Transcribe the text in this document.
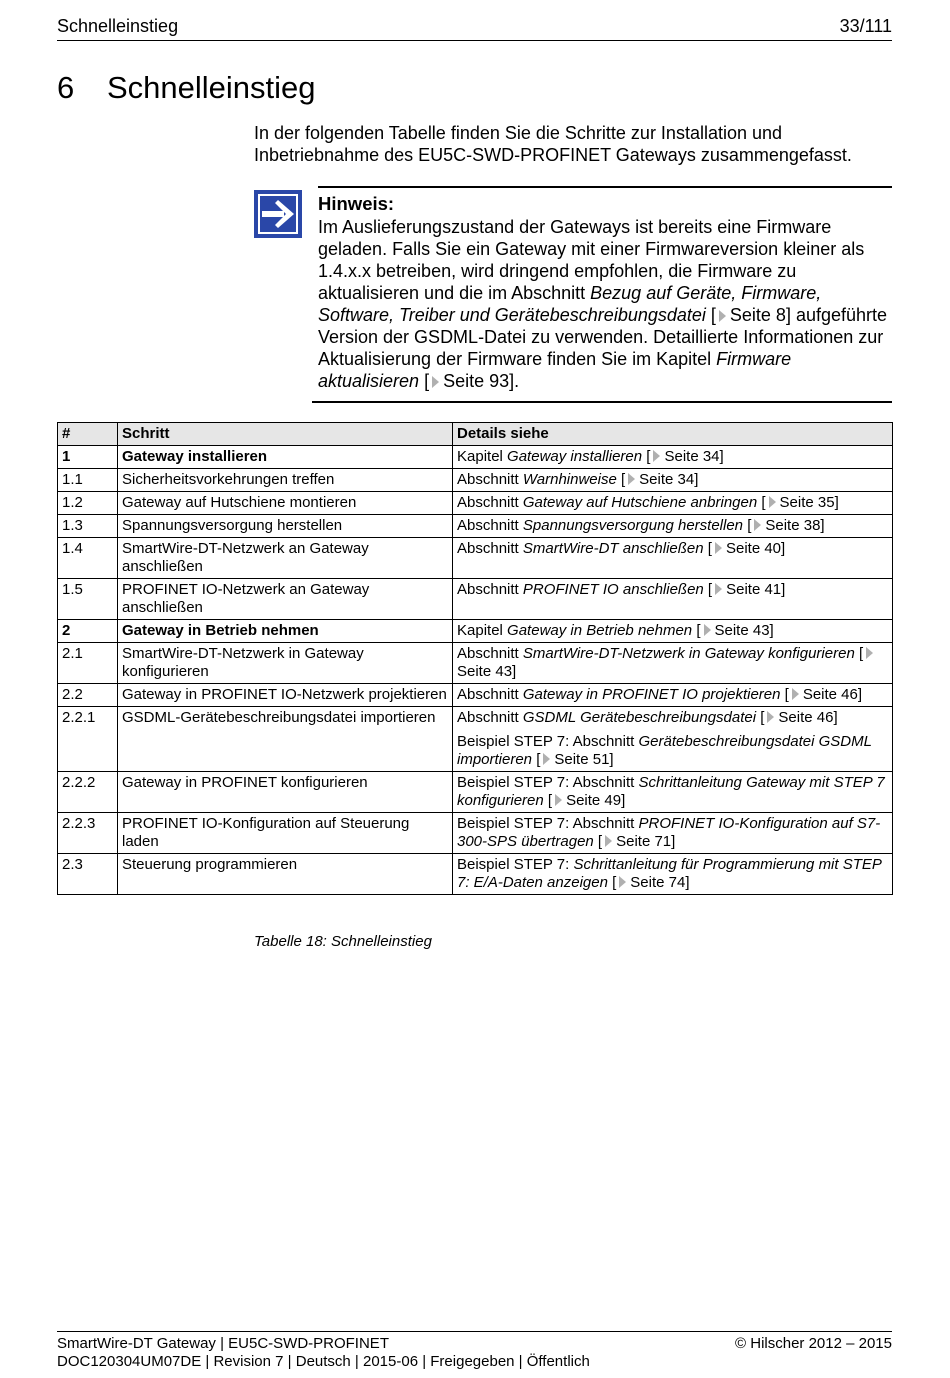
Schnelleinstieg	33/111
6 Schnelleinstieg
In der folgenden Tabelle finden Sie die Schritte zur Installation und Inbetriebnahme des EU5C-SWD-PROFINET Gateways zusammengefasst.
Hinweis:
Im Auslieferungszustand der Gateways ist bereits eine Firmware geladen. Falls Sie ein Gateway mit einer Firmwareversion kleiner als 1.4.x.x betreiben, wird dringend empfohlen, die Firmware zu aktualisieren und die im Abschnitt Bezug auf Geräte, Firmware, Software, Treiber und Gerätebeschreibungsdatei [ Seite 8] aufgeführte Version der GSDML-Datei zu verwenden. Detaillierte Informationen zur Aktualisierung der Firmware finden Sie im Kapitel Firmware aktualisieren [ Seite 93].
#	Schritt	Details siehe
1	Gateway installieren	Kapitel Gateway installieren [ Seite 34]

1.1	Sicherheitsvorkehrungen treffen	Abschnitt Warnhinweise [ Seite 34]

1.2	Gateway auf Hutschiene montieren	Abschnitt Gateway auf Hutschiene anbringen [ Seite 35]

1.3	Spannungsversorgung herstellen	Abschnitt Spannungsversorgung herstellen [ Seite 38]

1.4	SmartWire-DT-Netzwerk an Gateway anschließen	Abschnitt SmartWire-DT anschließen [ Seite 40]

1.5	PROFINET IO-Netzwerk an Gateway anschließen	Abschnitt PROFINET IO anschließen [ Seite 41]

2	Gateway in Betrieb nehmen	Kapitel Gateway in Betrieb nehmen [ Seite 43]

2.1	SmartWire-DT-Netzwerk in Gateway konfigurieren	Abschnitt SmartWire-DT-Netzwerk in Gateway konfigurieren [Seite 43]

2.2	Gateway in PROFINET IO-Netzwerk projektieren	Abschnitt Gateway in PROFINET IO projektieren [ Seite 46]

2.2.1	GSDML-Gerätebeschreibungsdatei importieren	Abschnitt GSDML Gerätebeschreibungsdatei [ Seite 46]
Beispiel STEP 7: Abschnitt Gerätebeschreibungsdatei GSDML importieren [ Seite 51]

2.2.2	Gateway in PROFINET konfigurieren	Beispiel STEP 7: Abschnitt Schrittanleitung Gateway mit STEP 7 konfigurieren [ Seite 49]

2.2.3	PROFINET IO-Konfiguration auf Steuerung laden	Beispiel STEP 7: Abschnitt PROFINET IO-Konfiguration auf S7-300-SPS übertragen [ Seite 71]

2.3	Steuerung programmieren	Beispiel STEP 7: Schrittanleitung für Programmierung mit STEP 7: E/A-Daten anzeigen [ Seite 74]
Tabelle 18: Schnelleinstieg
SmartWire-DT Gateway | EU5C-SWD-PROFINET
DOC120304UM07DE | Revision 7 | Deutsch | 2015-06 | Freigegeben | Öffentlich
© Hilscher 2012 – 2015
